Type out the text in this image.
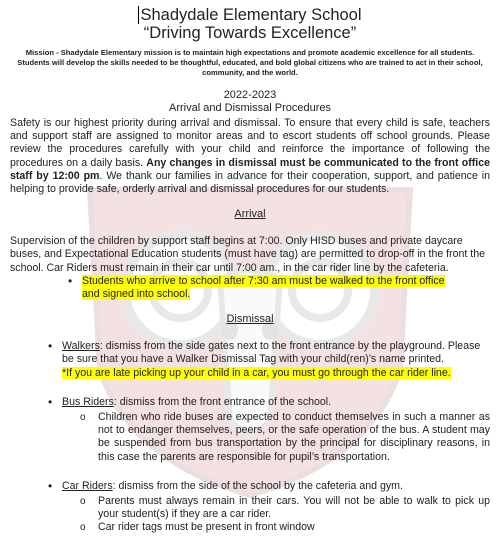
Shadydale Elementary School
“Driving Towards Excellence”
Mission - Shadydale Elementary mission is to maintain high expectations and promote academic excellence for all students. Students will develop the skills needed to be thoughtful, educated, and bold global citizens who are trained to act in their school, community, and the world.
2022-2023
Arrival and Dismissal Procedures
Safety is our highest priority during arrival and dismissal. To ensure that every child is safe, teachers and support staff are assigned to monitor areas and to escort students off school grounds. Please review the procedures carefully with your child and reinforce the importance of following the procedures on a daily basis. Any changes in dismissal must be communicated to the front office staff by 12:00 pm. We thank our families in advance for their cooperation, support, and patience in helping to provide safe, orderly arrival and dismissal procedures for our students.
Arrival
Supervision of the children by support staff begins at 7:00. Only HISD buses and private daycare buses, and Expectational Education students (must have tag) are permitted to drop-off in the front the school. Car Riders must remain in their car until 7:00 am., in the car rider line by the cafeteria.
• Students who arrive to school after 7:30 am must be walked to the front office and signed into school.
Dismissal
• Walkers: dismiss from the side gates next to the front entrance by the playground. Please be sure that you have a Walker Dismissal Tag with your child(ren)’s name printed.
*If you are late picking up your child in a car, you must go through the car rider line.
• Bus Riders: dismiss from the front entrance of the school.
o Children who ride buses are expected to conduct themselves in such a manner as not to endanger themselves, peers, or the safe operation of the bus. A student may be suspended from bus transportation by the principal for disciplinary reasons, in this case the parents are responsible for pupil’s transportation.
• Car Riders: dismiss from the side of the school by the cafeteria and gym.
o Parents must always remain in their cars. You will not be able to walk to pick up your student(s) if they are a car rider.
o Car rider tags must be present in front window
